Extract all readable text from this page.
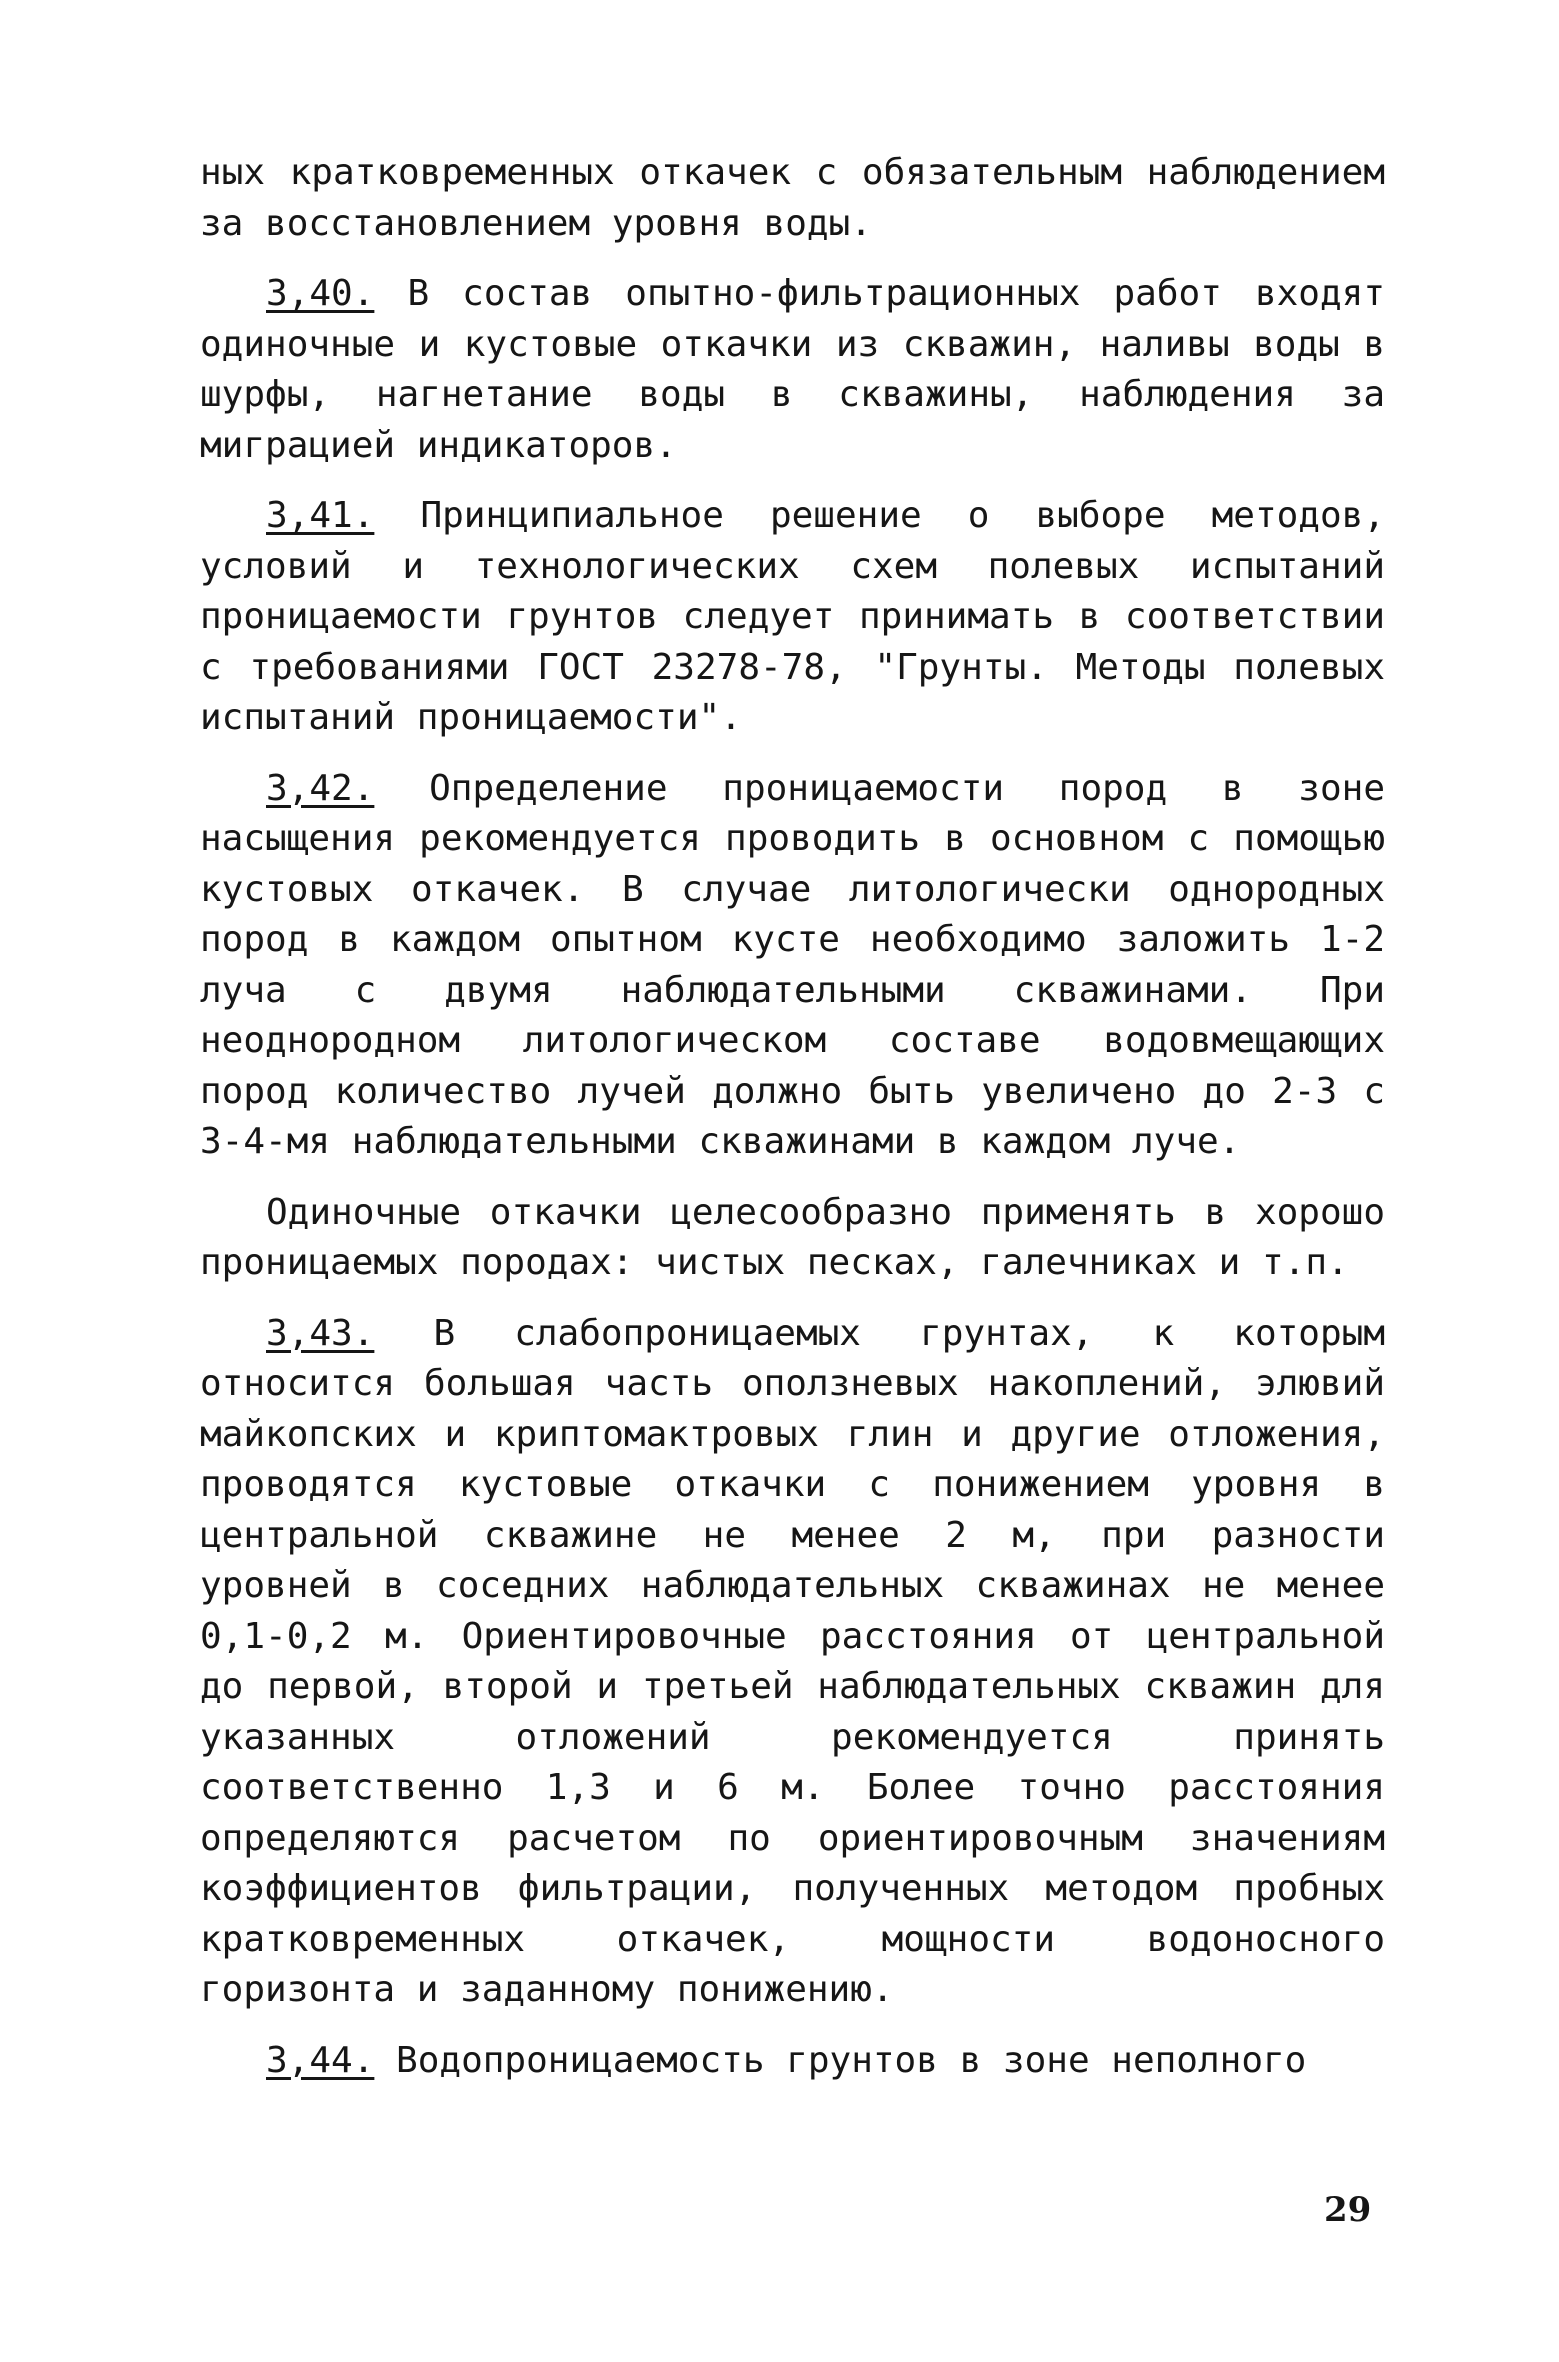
ных кратковременных откачек с обязательным наблюдением за восстановлением уровня воды.

3,40. В состав опытно-фильтрационных работ входят одиночные и кустовые откачки из скважин, наливы воды в шурфы, нагнетание воды в скважины, наблюдения за миграцией индикаторов.

3,41. Принципиальное решение о выборе методов, условий и технологических схем полевых испытаний проницаемости грунтов следует принимать в соответствии с требованиями ГОСТ 23278-78, "Грунты. Методы полевых испытаний проницаемости".

3,42. Определение проницаемости пород в зоне насыщения рекомендуется проводить в основном с помощью кустовых откачек. В случае литологически однородных пород в каждом опытном кусте необходимо заложить 1-2 луча с двумя наблюдательными скважинами. При неоднородном литологическом составе водовмещающих пород количество лучей должно быть увеличено до 2-3 с 3-4-мя наблюдательными скважинами в каждом луче.

Одиночные откачки целесообразно применять в хорошо проницаемых породах: чистых песках, галечниках и т.п.

3,43. В слабопроницаемых грунтах, к которым относится большая часть оползневых накоплений, элювий майкопских и криптомактровых глин и другие отложения, проводятся кустовые откачки с понижением уровня в центральной скважине не менее 2 м, при разности уровней в соседних наблюдательных скважинах не менее 0,1-0,2 м. Ориентировочные расстояния от центральной до первой, второй и третьей наблюдательных скважин для указанных отложений рекомендуется принять соответственно 1,3 и 6 м. Более точно расстояния определяются расчетом по ориентировочным значениям коэффициентов фильтрации, полученных методом пробных кратковременных откачек, мощности водоносного горизонта и заданному понижению.

3,44. Водопроницаемость грунтов в зоне неполного

29
